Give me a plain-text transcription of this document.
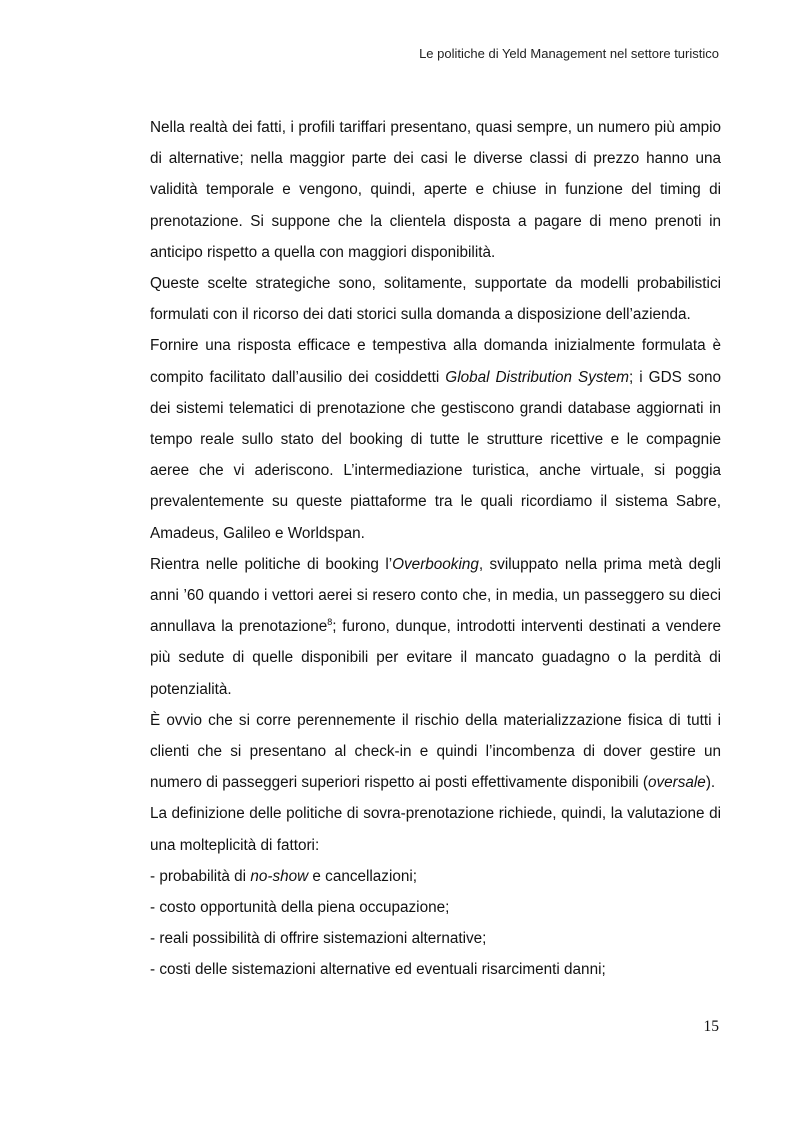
Le politiche di Yeld Management nel settore turistico

Nella realtà dei fatti, i profili tariffari presentano, quasi sempre, un numero più ampio di alternative; nella maggior parte dei casi le diverse classi di prezzo hanno una validità temporale e vengono, quindi, aperte e chiuse in funzione del timing di prenotazione. Si suppone che la clientela disposta a pagare di meno prenoti in anticipo rispetto a quella con maggiori disponibilità.

Queste scelte strategiche sono, solitamente, supportate da modelli probabilistici formulati con il ricorso dei dati storici sulla domanda a disposizione dell’azienda.

Fornire una risposta efficace e tempestiva alla domanda inizialmente formulata è compito facilitato dall’ausilio dei cosiddetti Global Distribution System; i GDS sono dei sistemi telematici di prenotazione che gestiscono grandi database aggiornati in tempo reale sullo stato del booking di tutte le strutture ricettive e le compagnie aeree che vi aderiscono. L’intermediazione turistica, anche virtuale, si poggia prevalentemente su queste piattaforme tra le quali ricordiamo il sistema Sabre, Amadeus, Galileo e Worldspan.

Rientra nelle politiche di booking l’Overbooking, sviluppato nella prima metà degli anni ’60 quando i vettori aerei si resero conto che, in media, un passeggero su dieci annullava la prenotazione$^8$; furono, dunque, introdotti interventi destinati a vendere più sedute di quelle disponibili per evitare il mancato guadagno o la perdità di potenzialità.

È ovvio che si corre perennemente il rischio della materializzazione fisica di tutti i clienti che si presentano al check-in e quindi l’incombenza di dover gestire un numero di passeggeri superiori rispetto ai posti effettivamente disponibili (oversale).

La definizione delle politiche di sovra-prenotazione richiede, quindi, la valutazione di una molteplicità di fattori:

- probabilità di no-show e cancellazioni;

- costo opportunità della piena occupazione;

- reali possibilità di offrire sistemazioni alternative;

- costi delle sistemazioni alternative ed eventuali risarcimenti danni;

15
